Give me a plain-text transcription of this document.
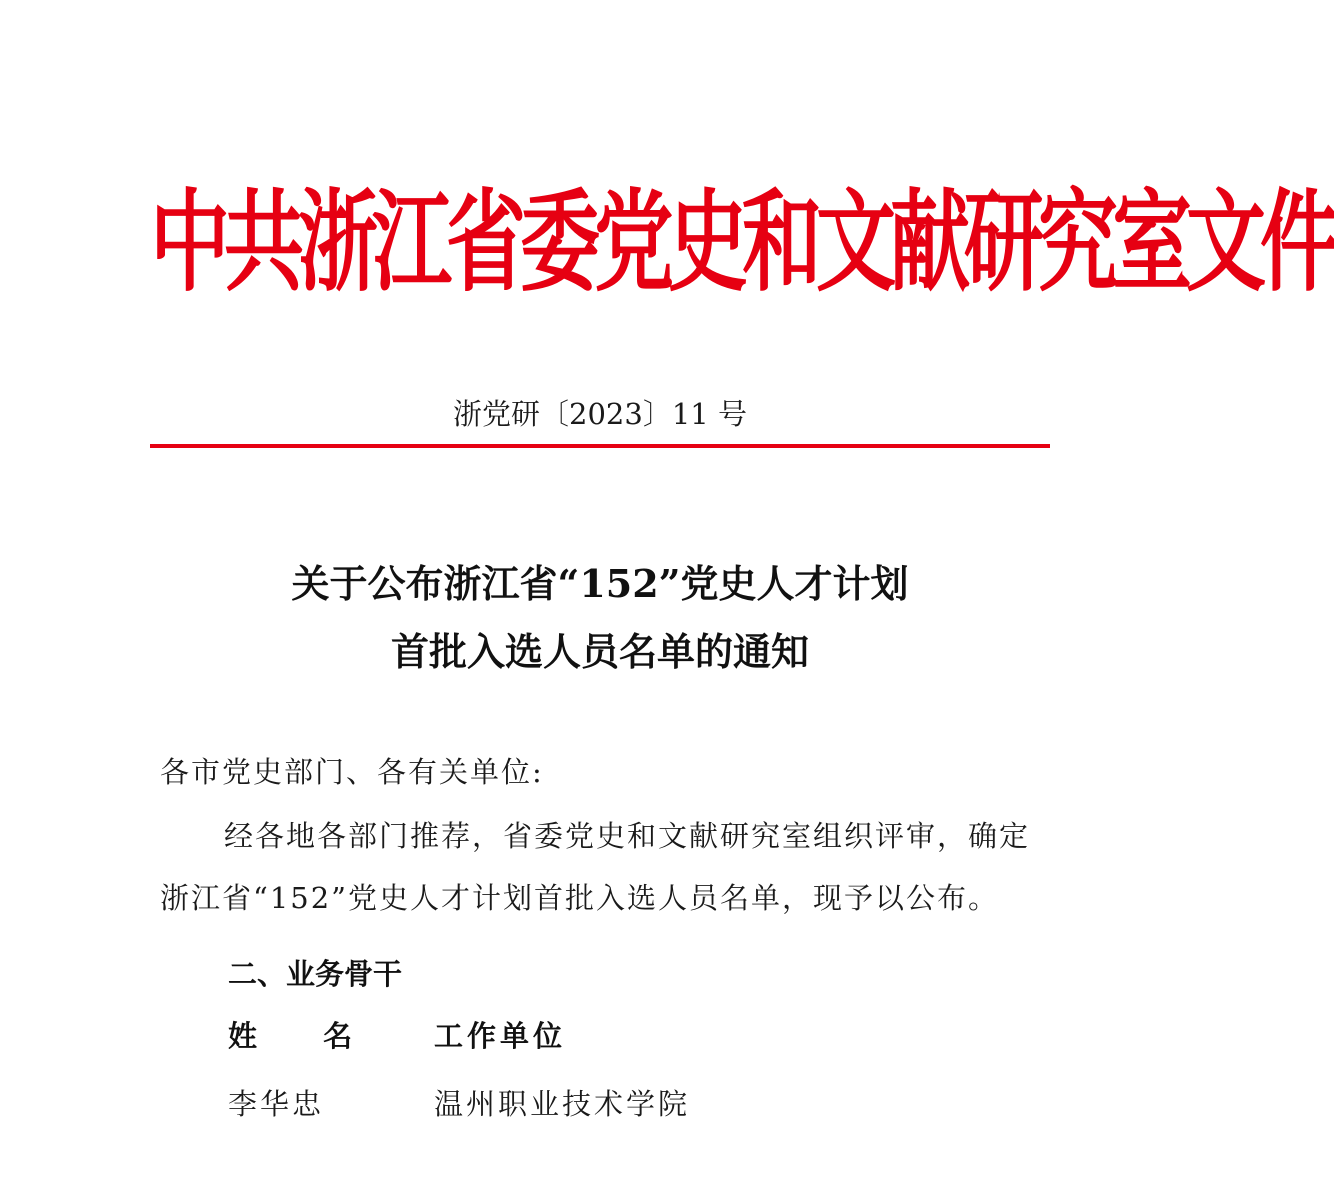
中共浙江省委党史和文献研究室文件
浙党研〔2023〕11 号
关于公布浙江省“152”党史人才计划
首批入选人员名单的通知
各市党史部门、各有关单位:
经各地各部门推荐，省委党史和文献研究室组织评审，确定
浙江省“152”党史人才计划首批入选人员名单，现予以公布。
二、业务骨干
姓 名 工作单位
李华忠	温州职业技术学院
